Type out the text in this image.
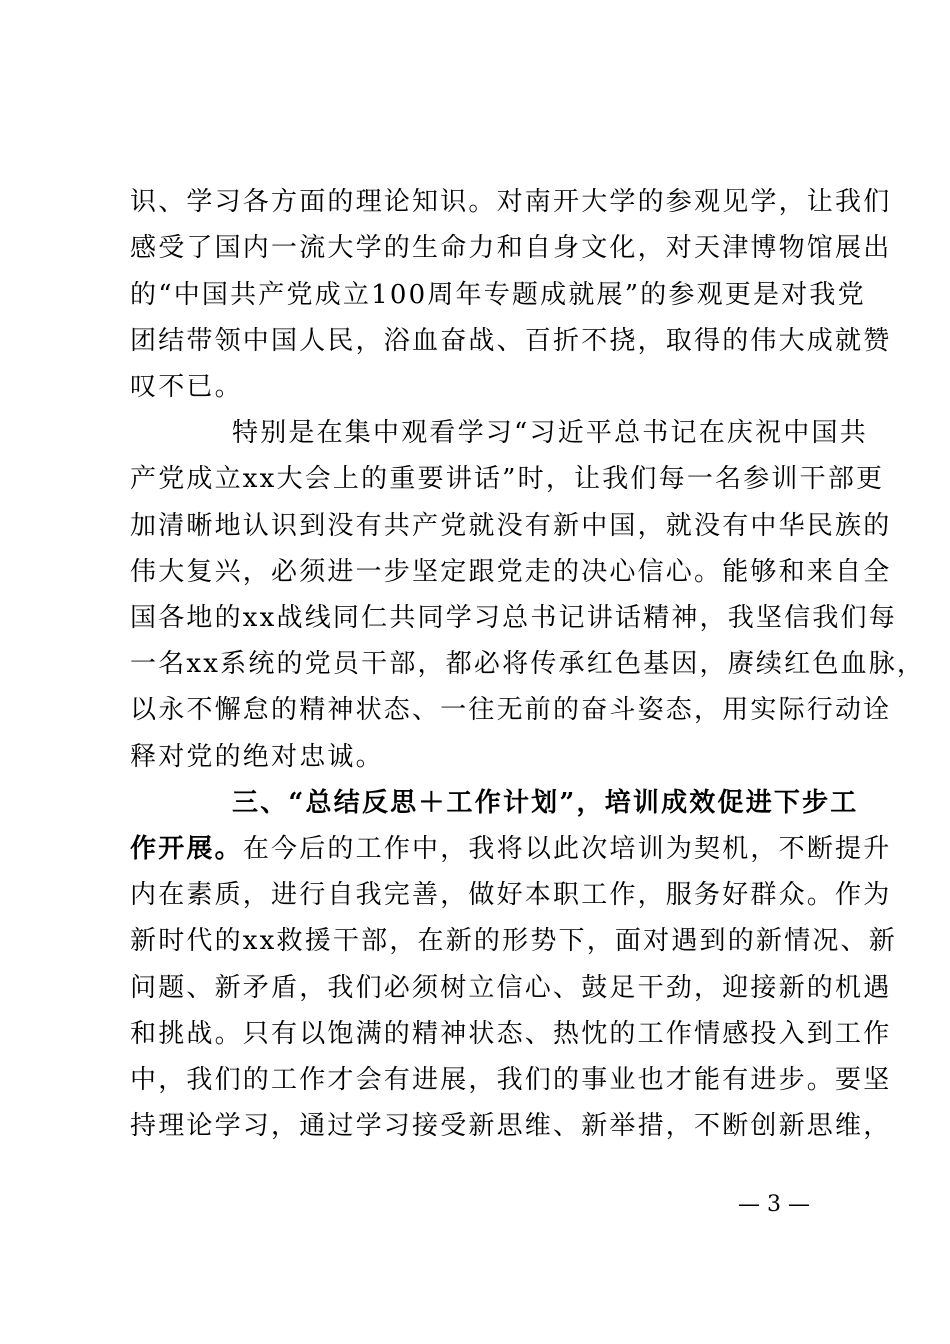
识、学习各方面的理论知识。对南开大学的参观见学，让我们
感受了国内一流大学的生命力和自身文化，对天津博物馆展出
的“中国共产党成立100周年专题成就展”的参观更是对我党
团结带领中国人民，浴血奋战、百折不挠，取得的伟大成就赞
叹不已。
特别是在集中观看学习“习近平总书记在庆祝中国共
产党成立xx大会上的重要讲话”时，让我们每一名参训干部更
加清晰地认识到没有共产党就没有新中国，就没有中华民族的
伟大复兴，必须进一步坚定跟党走的决心信心。能够和来自全
国各地的xx战线同仁共同学习总书记讲话精神，我坚信我们每
一名xx系统的党员干部，都必将传承红色基因，赓续红色血脉，
以永不懈怠的精神状态、一往无前的奋斗姿态，用实际行动诠
释对党的绝对忠诚。
三、“总结反思＋工作计划”，培训成效促进下步工
作开展。在今后的工作中，我将以此次培训为契机，不断提升
内在素质，进行自我完善，做好本职工作，服务好群众。作为
新时代的xx救援干部，在新的形势下，面对遇到的新情况、新
问题、新矛盾，我们必须树立信心、鼓足干劲，迎接新的机遇
和挑战。只有以饱满的精神状态、热忱的工作情感投入到工作
中，我们的工作才会有进展，我们的事业也才能有进步。要坚
持理论学习，通过学习接受新思维、新举措，不断创新思维，
— 3 —
